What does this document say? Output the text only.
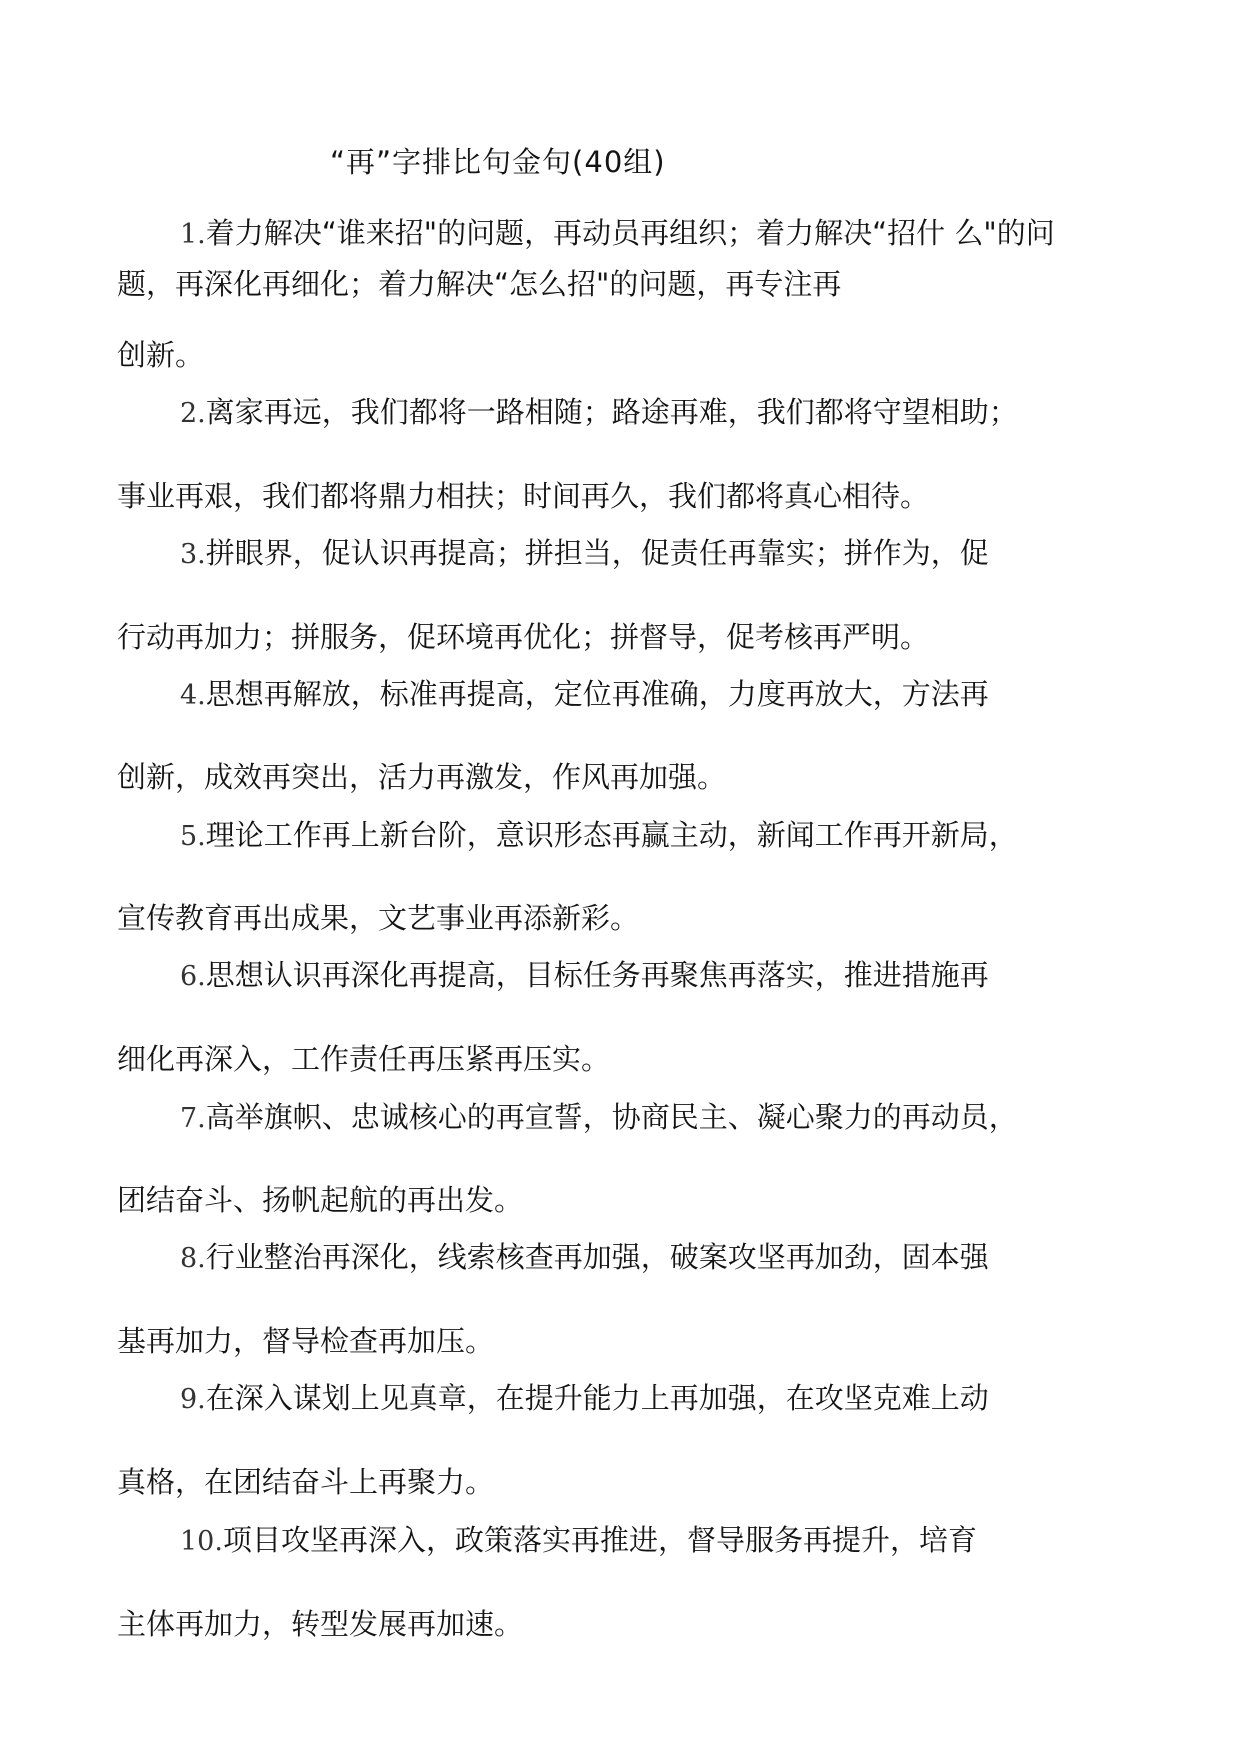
“再”字排比句金句(40组)
1.着力解决“谁来招"的问题，再动员再组织；着力解决“招什 么"的问
题，再深化再细化；着力解决“怎么招"的问题，再专注再
创新。
2.离家再远，我们都将一路相随；路途再难，我们都将守望相助；
事业再艰，我们都将鼎力相扶；时间再久，我们都将真心相待。
3.拼眼界，促认识再提高；拼担当，促责任再靠实；拼作为，促
行动再加力；拼服务，促环境再优化；拼督导，促考核再严明。
4.思想再解放，标准再提高，定位再准确，力度再放大，方法再
创新，成效再突出，活力再激发，作风再加强。
5.理论工作再上新台阶，意识形态再赢主动，新闻工作再开新局，
宣传教育再出成果，文艺事业再添新彩。
6.思想认识再深化再提高，目标任务再聚焦再落实，推进措施再
细化再深入，工作责任再压紧再压实。
7.高举旗帜、忠诚核心的再宣誓，协商民主、凝心聚力的再动员，
团结奋斗、扬帆起航的再出发。
8.行业整治再深化，线索核查再加强，破案攻坚再加劲，固本强
基再加力，督导检查再加压。
9.在深入谋划上见真章，在提升能力上再加强，在攻坚克难上动
真格，在团结奋斗上再聚力。
10.项目攻坚再深入，政策落实再推进，督导服务再提升，培育
主体再加力，转型发展再加速。
